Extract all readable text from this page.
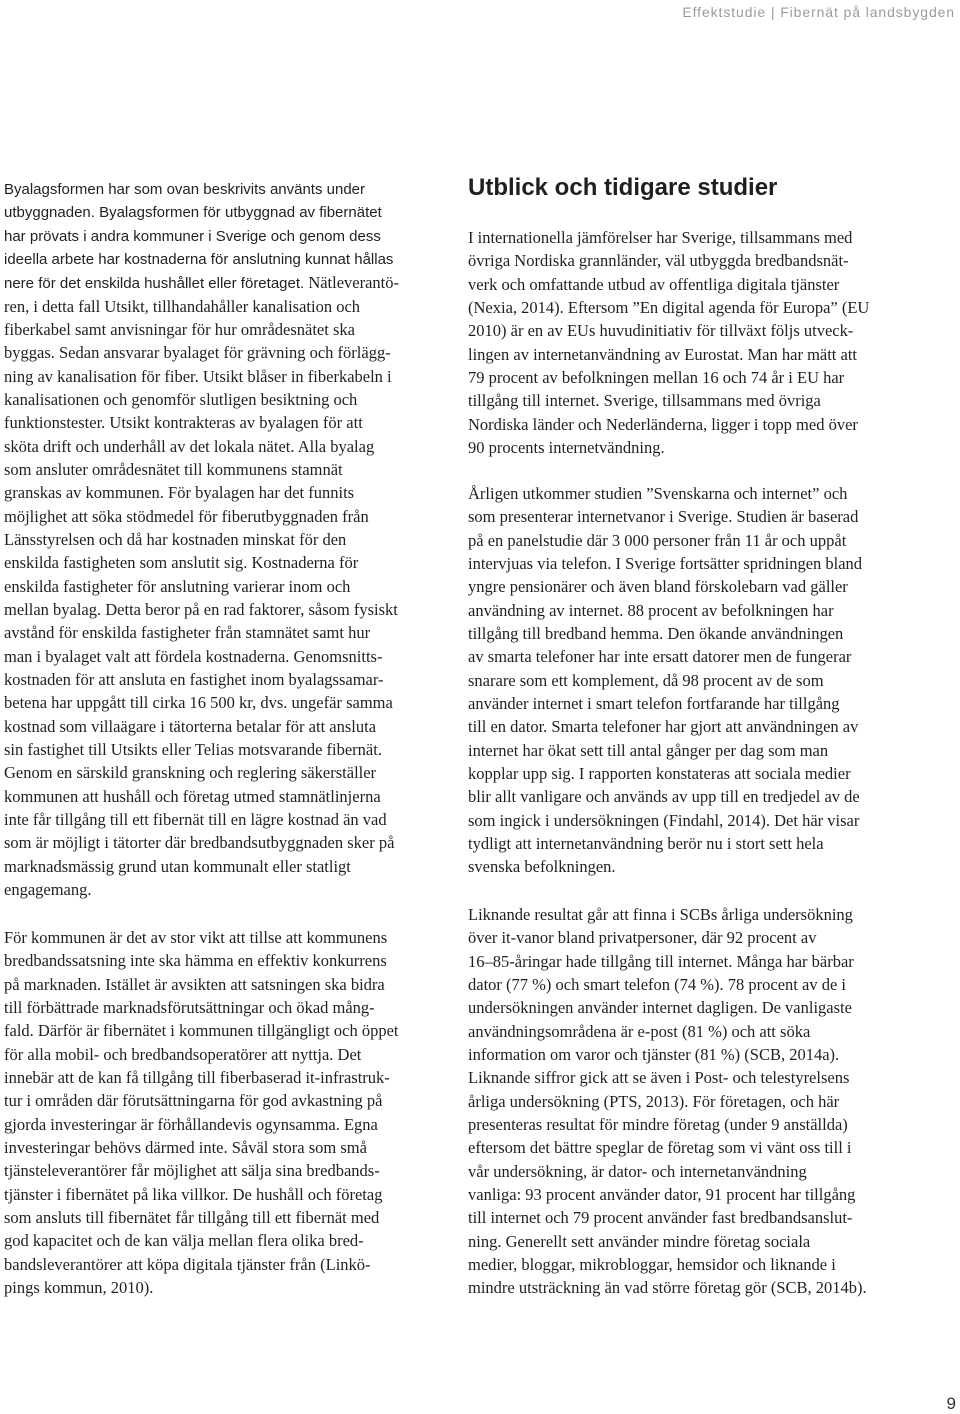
Effektstudie | Fibernät på landsbygden
Byalagsformen har som ovan beskrivits använts under
utbyggnaden. Byalagsformen för utbyggnad av fibernätet
har prövats i andra kommuner i Sverige och genom dess
ideella arbete har kostnaderna för anslutning kunnat hållas
nere för det enskilda hushållet eller företaget. Nätleverantö-
ren, i detta fall Utsikt, tillhandahåller kanalisation och
fiberkabel samt anvisningar för hur områdesnätet ska
byggas. Sedan ansvarar byalaget för grävning och förlägg-
ning av kanalisation för fiber. Utsikt blåser in fiberkabeln i
kanalisationen och genomför slutligen besiktning och
funktionstester. Utsikt kontrakteras av byalagen för att
sköta drift och underhåll av det lokala nätet. Alla byalag
som ansluter områdesnätet till kommunens stamnät
granskas av kommunen. För byalagen har det funnits
möjlighet att söka stödmedel för fiberutbyggnaden från
Länsstyrelsen och då har kostnaden minskat för den
enskilda fastigheten som anslutit sig. Kostnaderna för
enskilda fastigheter för anslutning varierar inom och
mellan byalag. Detta beror på en rad faktorer, såsom fysiskt
avstånd för enskilda fastigheter från stamnätet samt hur
man i byalaget valt att fördela kostnaderna. Genomsnitts-
kostnaden för att ansluta en fastighet inom byalagssamar-
betena har uppgått till cirka 16 500 kr, dvs. ungefär samma
kostnad som villaägare i tätorterna betalar för att ansluta
sin fastighet till Utsikts eller Telias motsvarande fibernät.
Genom en särskild granskning och reglering säkerställer
kommunen att hushåll och företag utmed stamnätlinjerna
inte får tillgång till ett fibernät till en lägre kostnad än vad
som är möjligt i tätorter där bredbandsutbyggnaden sker på
marknadsmässig grund utan kommunalt eller statligt
engagemang.
För kommunen är det av stor vikt att tillse att kommunens
bredbandssatsning inte ska hämma en effektiv konkurrens
på marknaden. Istället är avsikten att satsningen ska bidra
till förbättrade marknadsförutsättningar och ökad mång-
fald. Därför är fibernätet i kommunen tillgängligt och öppet
för alla mobil- och bredbandsoperatörer att nyttja. Det
innebär att de kan få tillgång till fiberbaserad it-infrastruk-
tur i områden där förutsättningarna för god avkastning på
gjorda investeringar är förhållandevis ogynsamma. Egna
investeringar behövs därmed inte. Såväl stora som små
tjänsteleverantörer får möjlighet att sälja sina bredbands-
tjänster i fibernätet på lika villkor. De hushåll och företag
som ansluts till fibernätet får tillgång till ett fibernät med
god kapacitet och de kan välja mellan flera olika bred-
bandsleverantörer att köpa digitala tjänster från (Linkö-
pings kommun, 2010).
Utblick och tidigare studier
I internationella jämförelser har Sverige, tillsammans med
övriga Nordiska grannländer, väl utbyggda bredbandsnät-
verk och omfattande utbud av offentliga digitala tjänster
(Nexia, 2014). Eftersom ”En digital agenda för Europa” (EU
2010) är en av EUs huvudinitiativ för tillväxt följs utveck-
lingen av internetanvändning av Eurostat. Man har mätt att
79 procent av befolkningen mellan 16 och 74 år i EU har
tillgång till internet. Sverige, tillsammans med övriga
Nordiska länder och Nederländerna, ligger i topp med över
90 procents internetvändning.
Årligen utkommer studien ”Svenskarna och internet” och
som presenterar internetvanor i Sverige. Studien är baserad
på en panelstudie där 3 000 personer från 11 år och uppåt
intervjuas via telefon. I Sverige fortsätter spridningen bland
yngre pensionärer och även bland förskolebarn vad gäller
användning av internet. 88 procent av befolkningen har
tillgång till bredband hemma. Den ökande användningen
av smarta telefoner har inte ersatt datorer men de fungerar
snarare som ett komplement, då 98 procent av de som
använder internet i smart telefon fortfarande har tillgång
till en dator. Smarta telefoner har gjort att användningen av
internet har ökat sett till antal gånger per dag som man
kopplar upp sig. I rapporten konstateras att sociala medier
blir allt vanligare och används av upp till en tredjedel av de
som ingick i undersökningen (Findahl, 2014). Det här visar
tydligt att internetanvändning berör nu i stort sett hela
svenska befolkningen.
Liknande resultat går att finna i SCBs årliga undersökning
över it-vanor bland privatpersoner, där 92 procent av
16–85-åringar hade tillgång till internet. Många har bärbar
dator (77 %) och smart telefon (74 %). 78 procent av de i
undersökningen använder internet dagligen. De vanligaste
användningsområdena är e-post (81 %) och att söka
information om varor och tjänster (81 %) (SCB, 2014a).
Liknande siffror gick att se även i Post- och telestyrelsens
årliga undersökning (PTS, 2013). För företagen, och här
presenteras resultat för mindre företag (under 9 anställda)
eftersom det bättre speglar de företag som vi vänt oss till i
vår undersökning, är dator- och internetanvändning
vanliga: 93 procent använder dator, 91 procent har tillgång
till internet och 79 procent använder fast bredbandsanslut-
ning. Generellt sett använder mindre företag sociala
medier, bloggar, mikrobloggar, hemsidor och liknande i
mindre utsträckning än vad större företag gör (SCB, 2014b).
9
